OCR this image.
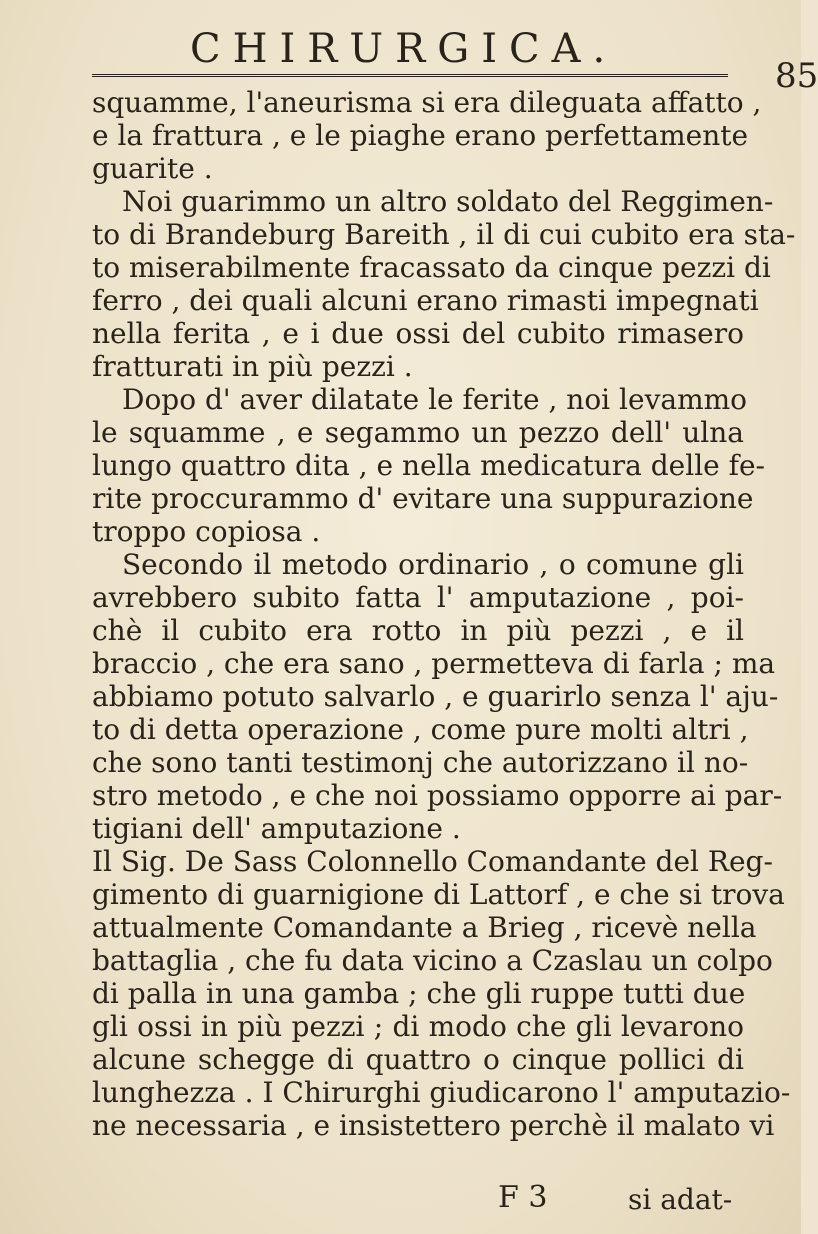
CHIRURGICA.
85
squamme, l'aneurisma si era dileguata affatto ,
e la frattura , e le piaghe erano perfettamente
guarite .
Noi guarimmo un altro soldato del Reggimen-
to di Brandeburg Bareith , il di cui cubito era sta-
to miserabilmente fracassato da cinque pezzi di
ferro , dei quali alcuni erano rimasti impegnati
nella ferita , e i due ossi del cubito rimasero
fratturati in più pezzi .
Dopo d' aver dilatate le ferite , noi levammo
le squamme , e segammo un pezzo dell' ulna
lungo quattro dita , e nella medicatura delle fe-
rite proccurammo d' evitare una suppurazione
troppo copiosa .
Secondo il metodo ordinario , o comune gli
avrebbero subito fatta l' amputazione , poi-
chè il cubito era rotto in più pezzi , e il
braccio , che era sano , permetteva di farla ; ma
abbiamo potuto salvarlo , e guarirlo senza l' aju-
to di detta operazione , come pure molti altri ,
che sono tanti testimonj che autorizzano il no-
stro metodo , e che noi possiamo opporre ai par-
tigiani dell' amputazione .
Il Sig. De Sass Colonnello Comandante del Reg-
gimento di guarnigione di Lattorf , e che si trova
attualmente Comandante a Brieg , ricevè nella
battaglia , che fu data vicino a Czaslau un colpo
di palla in una gamba ; che gli ruppe tutti due
gli ossi in più pezzi ; di modo che gli levarono
alcune schegge di quattro o cinque pollici di
lunghezza . I Chirurghi giudicarono l' amputazio-
ne necessaria , e insistettero perchè il malato vi
F 3	si adat-
